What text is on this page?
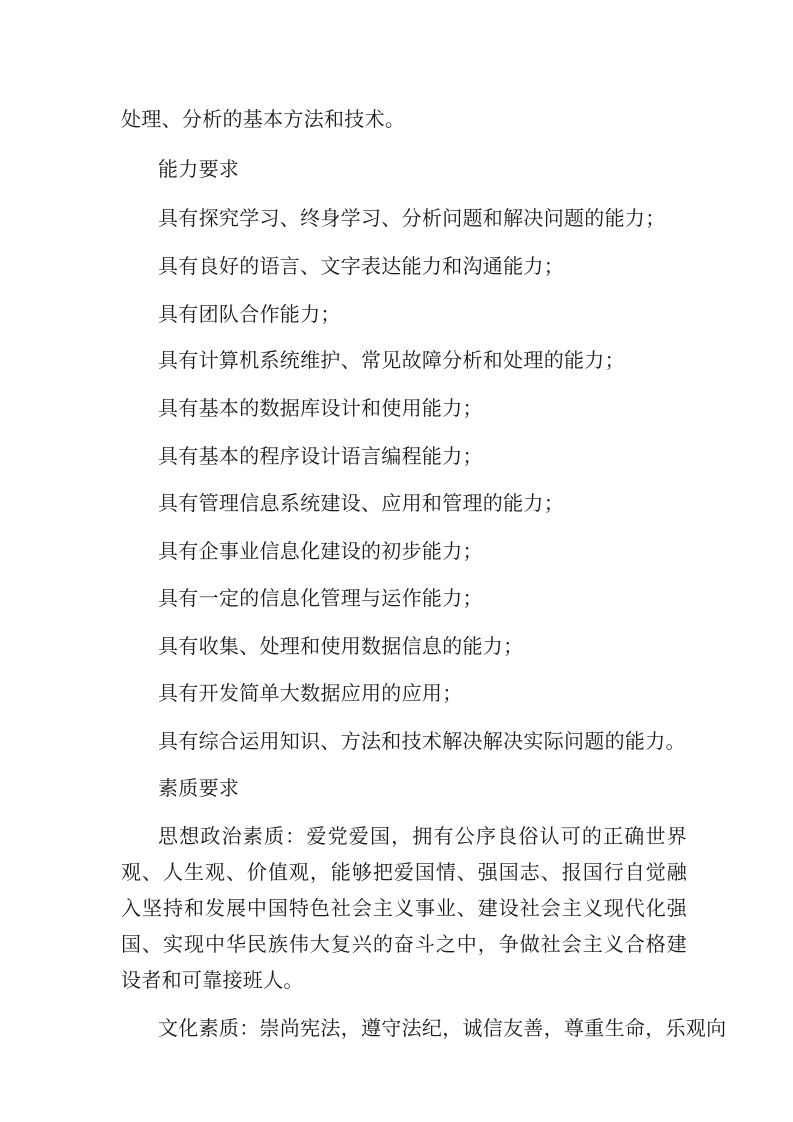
处理、分析的基本方法和技术。
能力要求
具有探究学习、终身学习、分析问题和解决问题的能力；
具有良好的语言、文字表达能力和沟通能力；
具有团队合作能力；
具有计算机系统维护、常见故障分析和处理的能力；
具有基本的数据库设计和使用能力；
具有基本的程序设计语言编程能力；
具有管理信息系统建设、应用和管理的能力；
具有企事业信息化建设的初步能力；
具有一定的信息化管理与运作能力；
具有收集、处理和使用数据信息的能力；
具有开发简单大数据应用的应用；
具有综合运用知识、方法和技术解决解决实际问题的能力。
素质要求
思想政治素质：爱党爱国，拥有公序良俗认可的正确世界观、人生观、价值观，能够把爱国情、强国志、报国行自觉融入坚持和发展中国特色社会主义事业、建设社会主义现代化强国、实现中华民族伟大复兴的奋斗之中，争做社会主义合格建设者和可靠接班人。
文化素质：崇尚宪法，遵守法纪，诚信友善，尊重生命，乐观向
